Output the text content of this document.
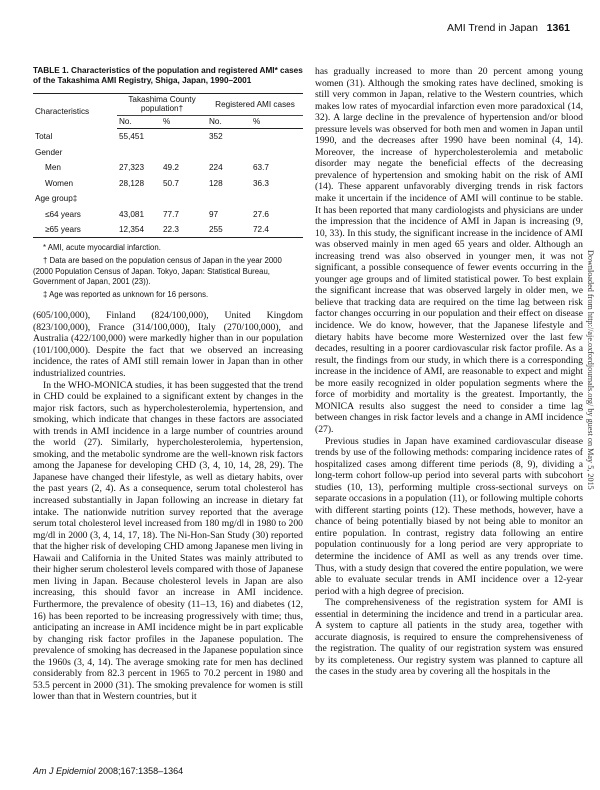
AMI Trend in Japan 1361
TABLE 1. Characteristics of the population and registered AMI* cases of the Takashima AMI Registry, Shiga, Japan, 1990–2001
Characteristics	Takashima County population†		Registered AMI cases	
	No.	%	No.	%
Total	55,451		352	
Gender				
Men	27,323	49.2	224	63.7
Women	28,128	50.7	128	36.3
Age group‡				
≤64 years	43,081	77.7	97	27.6
≥65 years	12,354	22.3	255	72.4

* AMI, acute myocardial infarction.

† Data are based on the population census of Japan in the year 2000 (2000 Population Census of Japan. Tokyo, Japan: Statistical Bureau, Government of Japan, 2001 (23)).

‡ Age was reported as unknown for 16 persons.

(605/100,000), Finland (824/100,000), United Kingdom (823/100,000), France (314/100,000), Italy (270/100,000), and Australia (422/100,000) were markedly higher than in our population (101/100,000). Despite the fact that we observed an increasing incidence, the rates of AMI still remain lower in Japan than in other industrialized countries.

In the WHO-MONICA studies, it has been suggested that the trend in CHD could be explained to a significant extent by changes in the major risk factors, such as hypercholesterolemia, hypertension, and smoking, which indicate that changes in these factors are associated with trends in AMI incidence in a large number of countries around the world (27). Similarly, hypercholesterolemia, hypertension, smoking, and the metabolic syndrome are the well-known risk factors among the Japanese for developing CHD (3, 4, 10, 14, 28, 29). The Japanese have changed their lifestyle, as well as dietary habits, over the past years (2, 4). As a consequence, serum total cholesterol has increased substantially in Japan following an increase in dietary fat intake. The nationwide nutrition survey reported that the average serum total cholesterol level increased from 180 mg/dl in 1980 to 200 mg/dl in 2000 (3, 4, 14, 17, 18). The Ni-Hon-San Study (30) reported that the higher risk of developing CHD among Japanese men living in Hawaii and California in the United States was mainly attributed to their higher serum cholesterol levels compared with those of Japanese men living in Japan. Because cholesterol levels in Japan are also increasing, this should favor an increase in AMI incidence. Furthermore, the prevalence of obesity (11–13, 16) and diabetes (12, 16) has been reported to be increasing progressively with time; thus, anticipating an increase in AMI incidence might be in part explicable by changing risk factor profiles in the Japanese population. The prevalence of smoking has decreased in the Japanese population since the 1960s (3, 4, 14). The average smoking rate for men has declined considerably from 82.3 percent in 1965 to 70.2 percent in 1980 and 53.5 percent in 2000 (31). The smoking prevalence for women is still lower than that in Western countries, but it

has gradually increased to more than 20 percent among young women (31). Although the smoking rates have declined, smoking is still very common in Japan, relative to the Western countries, which makes low rates of myocardial infarction even more paradoxical (14, 32). A large decline in the prevalence of hypertension and/or blood pressure levels was observed for both men and women in Japan until 1990, and the decreases after 1990 have been nominal (4, 14). Moreover, the increase of hypercholesterolemia and metabolic disorder may negate the beneficial effects of the decreasing prevalence of hypertension and smoking habit on the risk of AMI (14). These apparent unfavorably diverging trends in risk factors make it uncertain if the incidence of AMI will continue to be stable. It has been reported that many cardiologists and physicians are under the impression that the incidence of AMI in Japan is increasing (9, 10, 33). In this study, the significant increase in the incidence of AMI was observed mainly in men aged 65 years and older. Although an increasing trend was also observed in younger men, it was not significant, a possible consequence of fewer events occurring in the younger age groups and of limited statistical power. To best explain the significant increase that was observed largely in older men, we believe that tracking data are required on the time lag between risk factor changes occurring in our population and their effect on disease incidence. We do know, however, that the Japanese lifestyle and dietary habits have become more Westernized over the last few decades, resulting in a poorer cardiovascular risk factor profile. As a result, the findings from our study, in which there is a corresponding increase in the incidence of AMI, are reasonable to expect and might be more easily recognized in older population segments where the force of morbidity and mortality is the greatest. Importantly, the MONICA results also suggest the need to consider a time lag between changes in risk factor levels and a change in AMI incidence (27).

Previous studies in Japan have examined cardiovascular disease trends by use of the following methods: comparing incidence rates of hospitalized cases among different time periods (8, 9), dividing a long-term cohort follow-up period into several parts with subcohort studies (10, 13), performing multiple cross-sectional surveys on separate occasions in a population (11), or following multiple cohorts with different starting points (12). These methods, however, have a chance of being potentially biased by not being able to monitor an entire population. In contrast, registry data following an entire population continuously for a long period are very appropriate to determine the incidence of AMI as well as any trends over time. Thus, with a study design that covered the entire population, we were able to evaluate secular trends in AMI incidence over a 12-year period with a high degree of precision.

The comprehensiveness of the registration system for AMI is essential in determining the incidence and trend in a particular area. A system to capture all patients in the study area, together with accurate diagnosis, is required to ensure the comprehensiveness of the registration. The quality of our registration system was ensured by its completeness. Our registry system was planned to capture all the cases in the study area by covering all the hospitals in the

Am J Epidemiol 2008;167:1358–1364
Downloaded from http://aje.oxfordjournals.org/ by guest on May 5, 2015
